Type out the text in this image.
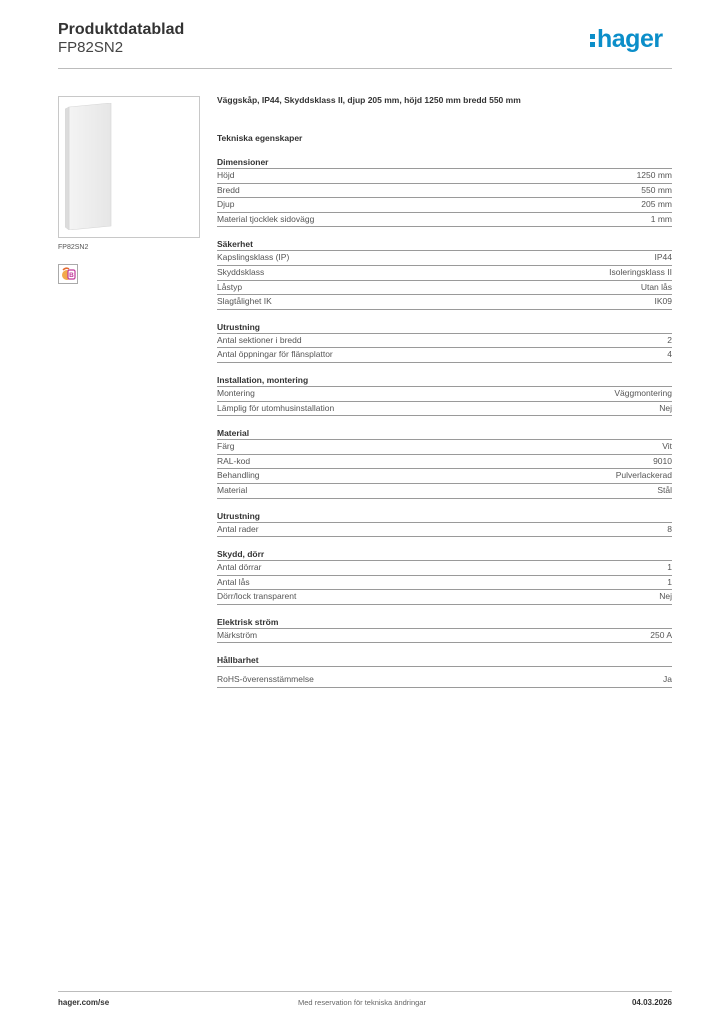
Produktdatablad
FP82SN2	hager
FP82SN2
B
Väggskåp, IP44, Skyddsklass II, djup 205 mm, höjd 1250 mm bredd 550 mm
Tekniska egenskaper
Dimensioner
Höjd	1250 mm
Bredd	550 mm
Djup	205 mm
Material tjocklek sidovägg	1 mm
Säkerhet
Kapslingsklass (IP)	IP44
Skyddsklass	Isoleringsklass II
Låstyp	Utan lås
Slagtålighet IK	IK09
Utrustning
Antal sektioner i bredd	2
Antal öppningar för flänsplattor	4
Installation, montering
Montering	Väggmontering
Lämplig för utomhusinstallation	Nej
Material
Färg	Vit
RAL-kod	9010
Behandling	Pulverlackerad
Material	Stål
Utrustning
Antal rader	8
Skydd, dörr
Antal dörrar	1
Antal lås	1
Dörr/lock transparent	Nej
Elektrisk ström
Märkström	250 A
Hållbarhet
RoHS-överensstämmelse	Ja
hager.com/se	Med reservation för tekniska ändringar	04.03.2026
